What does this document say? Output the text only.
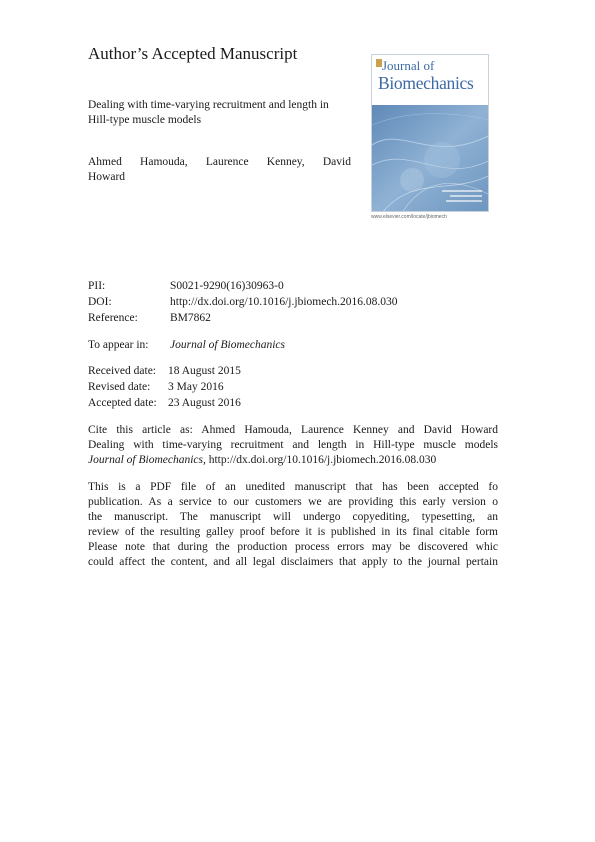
Author’s Accepted Manuscript
Dealing with time-varying recruitment and length in
Hill-type muscle models
Ahmed Hamouda, Laurence Kenney, David
Howard
Journal of
Biomechanics
www.elsevier.com/locate/jbiomech
PII:	S0021-9290(16)30963-0
DOI:	http://dx.doi.org/10.1016/j.jbiomech.2016.08.030
Reference:	BM7862
To appear in: Journal of Biomechanics
Received date: 18 August 2015
Revised date: 3 May 2016
Accepted date: 23 August 2016
Cite this article as: Ahmed Hamouda, Laurence Kenney and David Howard
Dealing with time-varying recruitment and length in Hill-type muscle models
Journal of Biomechanics, http://dx.doi.org/10.1016/j.jbiomech.2016.08.030
This is a PDF file of an unedited manuscript that has been accepted fo
publication. As a service to our customers we are providing this early version o
the manuscript. The manuscript will undergo copyediting, typesetting, an
review of the resulting galley proof before it is published in its final citable form
Please note that during the production process errors may be discovered whic
could affect the content, and all legal disclaimers that apply to the journal pertain
